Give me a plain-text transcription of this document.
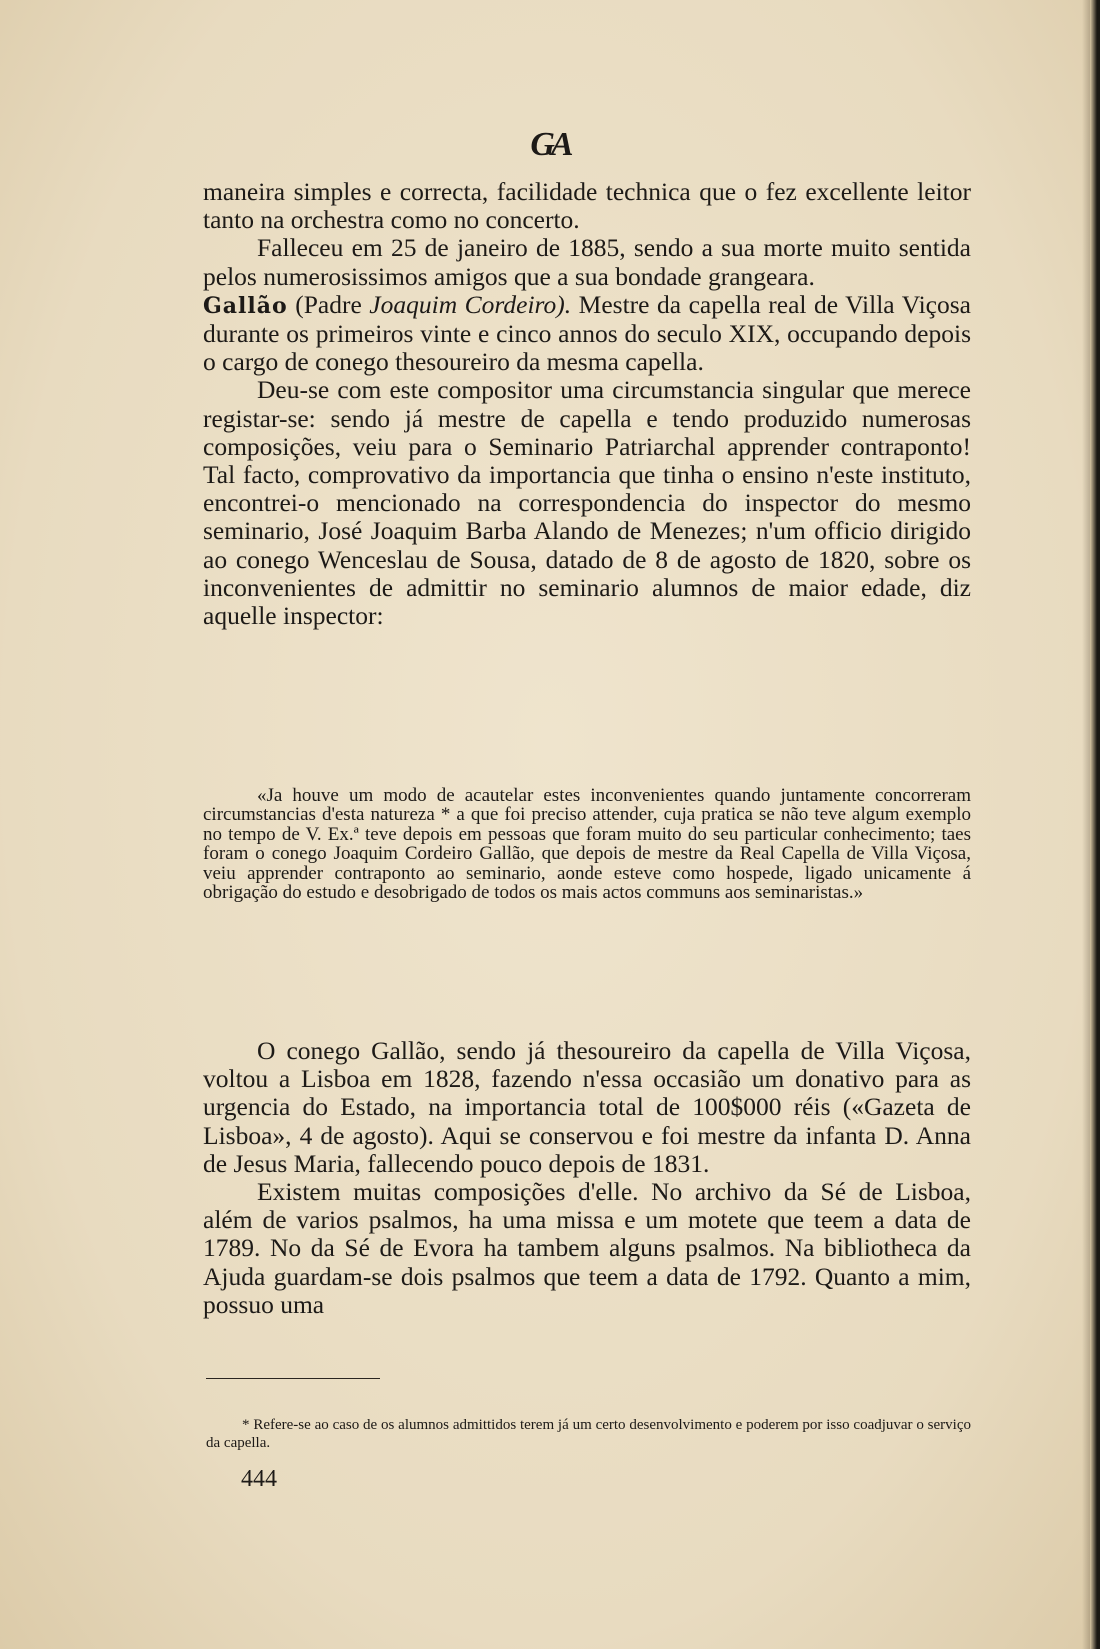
GA

maneira simples e correcta, facilidade technica que o fez excellente leitor tanto na orchestra como no concerto.

Falleceu em 25 de janeiro de 1885, sendo a sua morte muito sentida pelos numerosissimos amigos que a sua bondade grangeara.

Gallão (Padre Joaquim Cordeiro). Mestre da capella real de Villa Viçosa durante os primeiros vinte e cinco annos do seculo XIX, occupando depois o cargo de conego thesoureiro da mesma capella.

Deu-se com este compositor uma circumstancia singular que merece registar-se: sendo já mestre de capella e tendo produzido numerosas composições, veiu para o Seminario Patriarchal apprender contraponto! Tal facto, comprovativo da importancia que tinha o ensino n'este instituto, encontrei-o mencionado na correspondencia do inspector do mesmo seminario, José Joaquim Barba Alando de Menezes; n'um officio dirigido ao conego Wenceslau de Sousa, datado de 8 de agosto de 1820, sobre os inconvenientes de admittir no seminario alumnos de maior edade, diz aquelle inspector:

«Ja houve um modo de acautelar estes inconvenientes quando juntamente concorreram circumstancias d'esta natureza * a que foi preciso attender, cuja pratica se não teve algum exemplo no tempo de V. Ex.ª teve depois em pessoas que foram muito do seu particular conhecimento; taes foram o conego Joaquim Cordeiro Gallão, que depois de mestre da Real Capella de Villa Viçosa, veiu apprender contraponto ao seminario, aonde esteve como hospede, ligado unicamente á obrigação do estudo e desobrigado de todos os mais actos communs aos seminaristas.»

O conego Gallão, sendo já thesoureiro da capella de Villa Viçosa, voltou a Lisboa em 1828, fazendo n'essa occasião um donativo para as urgencia do Estado, na importancia total de 100$000 réis («Gazeta de Lisboa», 4 de agosto). Aqui se conservou e foi mestre da infanta D. Anna de Jesus Maria, fallecendo pouco depois de 1831.

Existem muitas composições d'elle. No archivo da Sé de Lisboa, além de varios psalmos, ha uma missa e um motete que teem a data de 1789. No da Sé de Evora ha tambem alguns psalmos. Na bibliotheca da Ajuda guardam-se dois psalmos que teem a data de 1792. Quanto a mim, possuo uma

* Refere-se ao caso de os alumnos admittidos terem já um certo desenvolvimento e poderem por isso coadjuvar o serviço da capella.

444
